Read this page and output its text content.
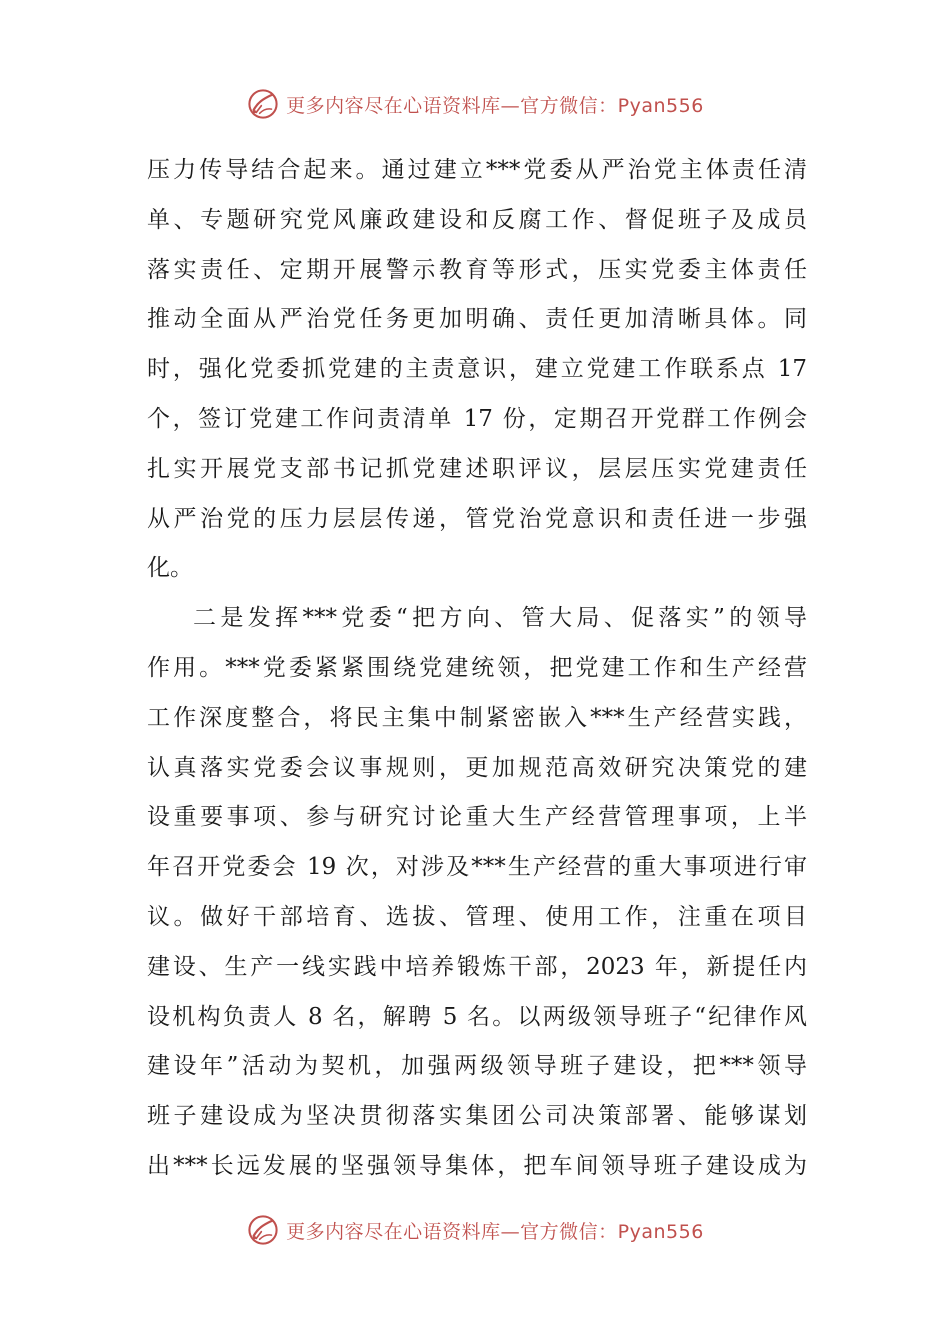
更多内容尽在心语资料库—官方微信：Pyan556
压力传导结合起来。通过建立***党委从严治党主体责任清
单、专题研究党风廉政建设和反腐工作、督促班子及成员
落实责任、定期开展警示教育等形式，压实党委主体责任
推动全面从严治党任务更加明确、责任更加清晰具体。同
时，强化党委抓党建的主责意识，建立党建工作联系点 17
个，签订党建工作问责清单 17 份，定期召开党群工作例会
扎实开展党支部书记抓党建述职评议，层层压实党建责任
从严治党的压力层层传递，管党治党意识和责任进一步强
化。
二是发挥***党委“把方向、管大局、促落实”的领导
作用。***党委紧紧围绕党建统领，把党建工作和生产经营
工作深度整合，将民主集中制紧密嵌入***生产经营实践，
认真落实党委会议事规则，更加规范高效研究决策党的建
设重要事项、参与研究讨论重大生产经营管理事项，上半
年召开党委会 19 次，对涉及***生产经营的重大事项进行审
议。做好干部培育、选拔、管理、使用工作，注重在项目
建设、生产一线实践中培养锻炼干部，2023 年，新提任内
设机构负责人 8 名，解聘 5 名。以两级领导班子“纪律作风
建设年”活动为契机，加强两级领导班子建设，把***领导
班子建设成为坚决贯彻落实集团公司决策部署、能够谋划
出***长远发展的坚强领导集体，把车间领导班子建设成为
更多内容尽在心语资料库—官方微信：Pyan556
